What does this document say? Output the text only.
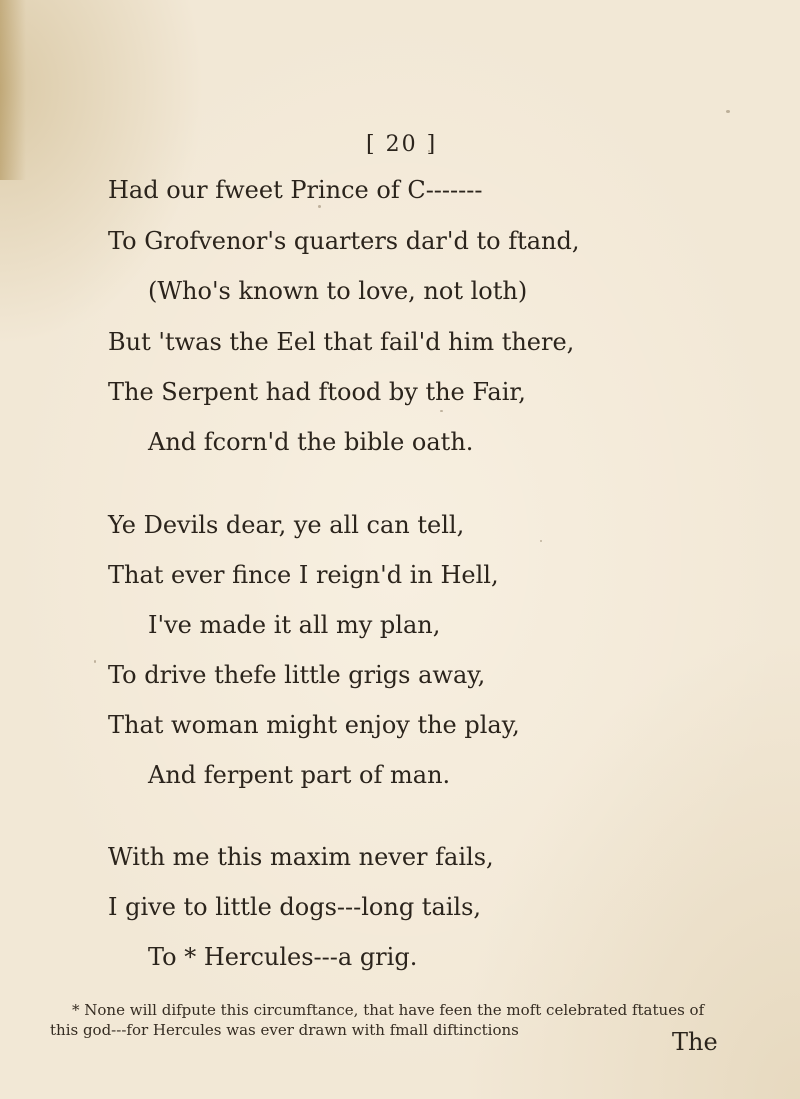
[ 20 ]
Had our fweet Prince of C-------
To Grofvenor's quarters dar'd to ftand,
(Who's known to love, not loth)
But 'twas the Eel that fail'd him there,
The Serpent had ftood by the Fair,
And fcorn'd the bible oath.
Ye Devils dear, ye all can tell,
That ever fince I reign'd in Hell,
I've made it all my plan,
To drive thefe little grigs away,
That woman might enjoy the play,
And ferpent part of man.
With me this maxim never fails,
I give to little dogs---long tails,
To * Hercules---a grig.
* None will difpute this circumftance, that have feen the moft celebrated ftatues of
this god---for Hercules was ever drawn with fmall diftinctions	The
